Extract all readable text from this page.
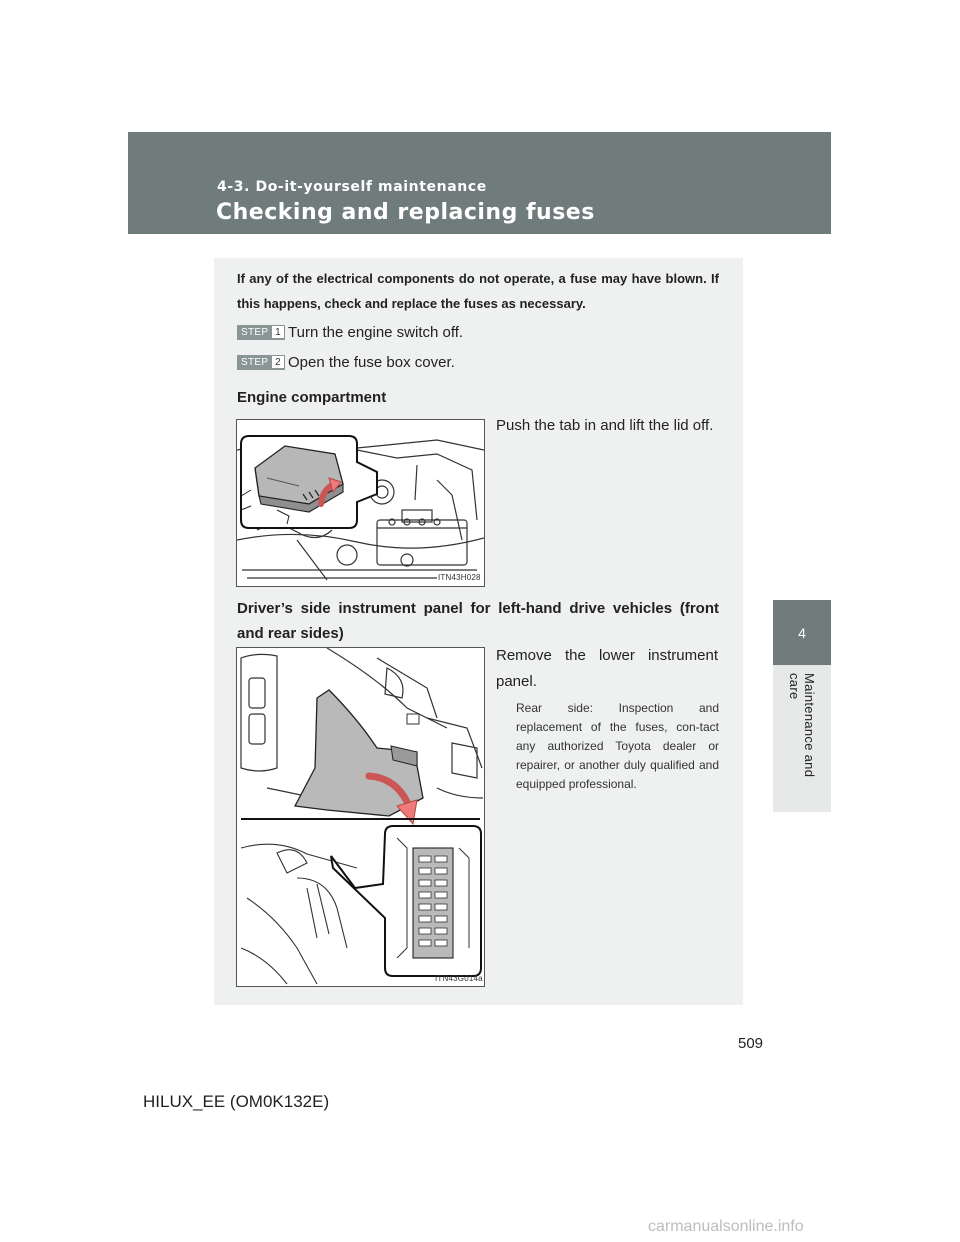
4-3. Do-it-yourself maintenance
Checking and replacing fuses
4
Maintenance and care
If any of the electrical components do not operate, a fuse may have blown. If this happens, check and replace the fuses as necessary.
STEP 1 Turn the engine switch off.
STEP 2 Open the fuse box cover.
Engine compartment
ITN43H028
Push the tab in and lift the lid off.
Driver’s side instrument panel for left-hand drive vehicles (front and rear sides)
ITN43G014a
Remove the lower instrument panel.
Rear side: Inspection and replacement of the fuses, con-tact any authorized Toyota dealer or repairer, or another duly qualified and equipped professional.
509
HILUX_EE (OM0K132E)
carmanualsonline.info
